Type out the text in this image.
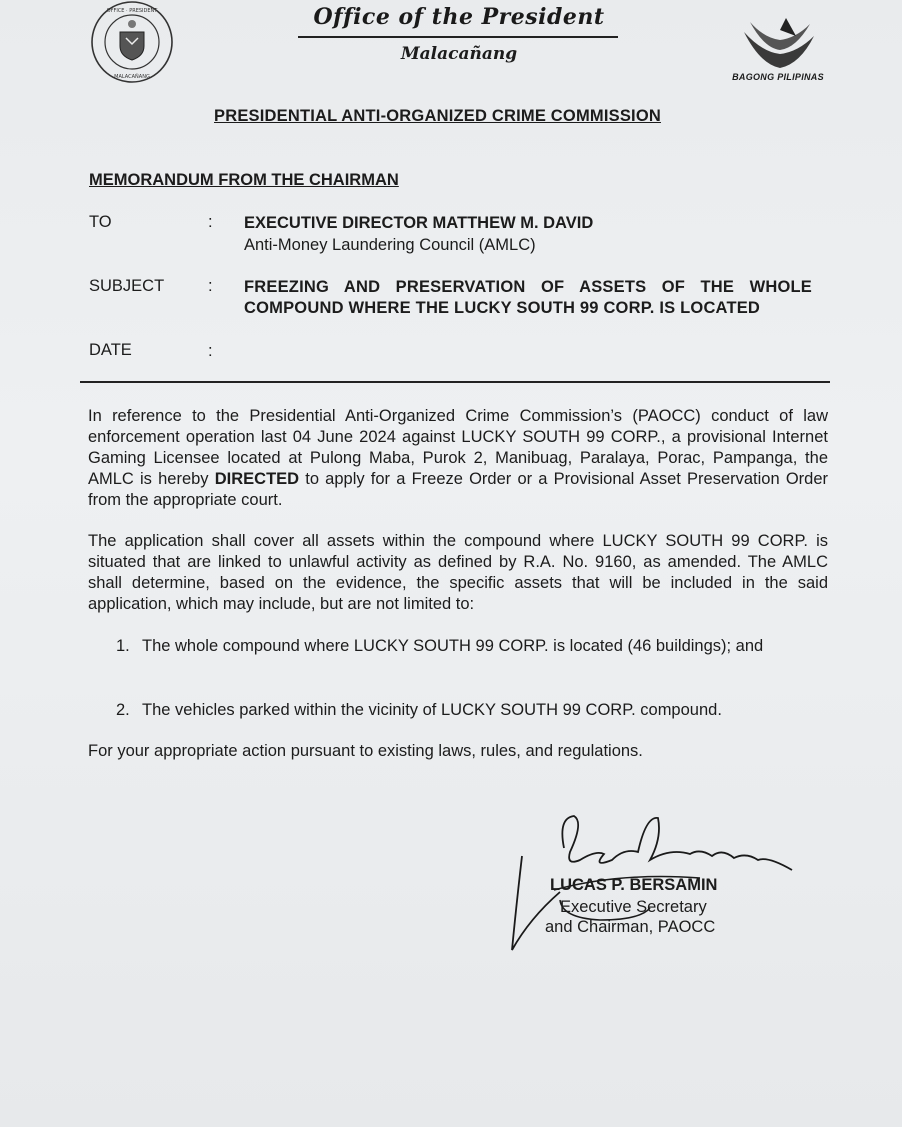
OFFICE · PRESIDENT
MALACAÑANG
Office of the President
Malacañang
BAGONG PILIPINAS
PRESIDENTIAL ANTI-ORGANIZED CRIME COMMISSION
MEMORANDUM FROM THE CHAIRMAN
TO	: EXECUTIVE DIRECTOR MATTHEW M. DAVID
Anti-Money Laundering Council (AMLC)
SUBJECT	: FREEZING AND PRESERVATION OF ASSETS OF THE WHOLE COMPOUND WHERE THE LUCKY SOUTH 99 CORP. IS LOCATED
DATE	:
In reference to the Presidential Anti-Organized Crime Commission’s (PAOCC) conduct of law enforcement operation last 04 June 2024 against LUCKY SOUTH 99 CORP., a provisional Internet Gaming Licensee located at Pulong Maba, Purok 2, Manibuag, Paralaya, Porac, Pampanga, the AMLC is hereby DIRECTED to apply for a Freeze Order or a Provisional Asset Preservation Order from the appropriate court.
The application shall cover all assets within the compound where LUCKY SOUTH 99 CORP. is situated that are linked to unlawful activity as defined by R.A. No. 9160, as amended. The AMLC shall determine, based on the evidence, the specific assets that will be included in the said application, which may include, but are not limited to:
1. The whole compound where LUCKY SOUTH 99 CORP. is located (46 buildings); and
2. The vehicles parked within the vicinity of LUCKY SOUTH 99 CORP. compound.
For your appropriate action pursuant to existing laws, rules, and regulations.
LUCAS P. BERSAMIN
Executive Secretary
and Chairman, PAOCC
